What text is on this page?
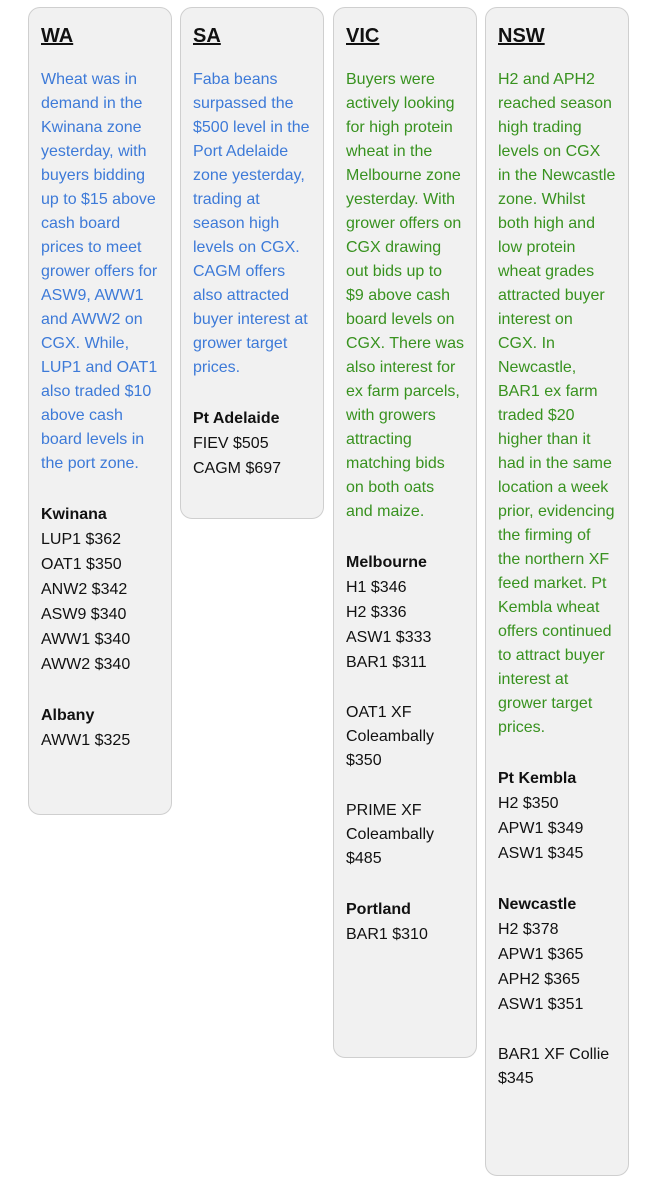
WA
Wheat was in demand in the Kwinana zone yesterday, with buyers bidding up to $15 above cash board prices to meet grower offers for ASW9, AWW1 and AWW2 on CGX. While, LUP1 and OAT1 also traded $10 above cash board levels in the port zone.
Kwinana
LUP1 $362
OAT1 $350
ANW2 $342
ASW9 $340
AWW1 $340
AWW2 $340
Albany
AWW1 $325
SA
Faba beans surpassed the $500 level in the Port Adelaide zone yesterday, trading at season high levels on CGX. CAGM offers also attracted buyer interest at grower target prices.
Pt Adelaide
FIEV $505
CAGM $697
VIC
Buyers were actively looking for high protein wheat in the Melbourne zone yesterday. With grower offers on CGX drawing out bids up to $9 above cash board levels on CGX. There was also interest for ex farm parcels, with growers attracting matching bids on both oats and maize.
Melbourne
H1 $346
H2 $336
ASW1 $333
BAR1 $311
OAT1 XF Coleambally $350
PRIME XF Coleambally $485
Portland
BAR1 $310
NSW
H2 and APH2 reached season high trading levels on CGX in the Newcastle zone. Whilst both high and low protein wheat grades attracted buyer interest on CGX. In Newcastle, BAR1 ex farm traded $20 higher than it had in the same location a week prior, evidencing the firming of the northern XF feed market. Pt Kembla wheat offers continued to attract buyer interest at grower target prices.
Pt Kembla
H2 $350
APW1 $349
ASW1 $345
Newcastle
H2 $378
APW1 $365
APH2 $365
ASW1 $351
BAR1 XF Collie $345
